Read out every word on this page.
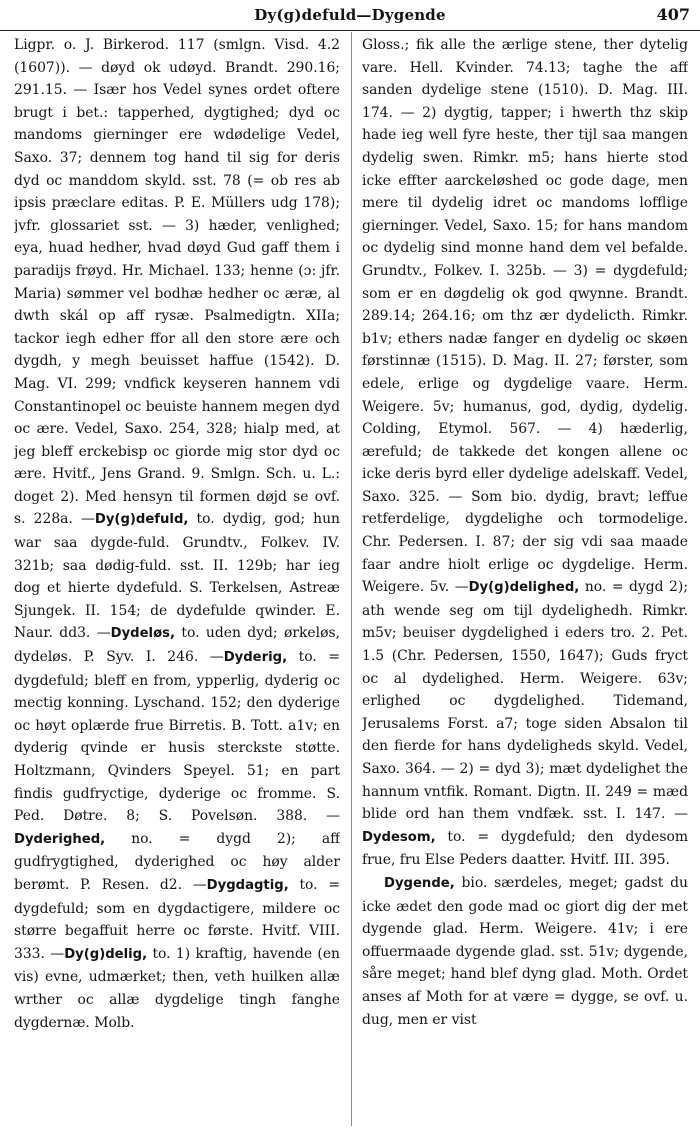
Dy(g)defuld—Dygende	407

Ligpr. o. J. Birkerod. 117 (smlgn. Visd. 4.2 (1607)). — døyd ok udøyd. Brandt. 290.16; 291.15. — Især hos Vedel synes ordet oftere brugt i bet.: tapperhed, dygtighed; dyd oc mandoms gierninger ere wdødelige Vedel, Saxo. 37; dennem tog hand til sig for deris dyd oc manddom skyld. sst. 78 (= ob res ab ipsis præclare editas. P. E. Müllers udg 178); jvfr. glossariet sst. — 3) hæder, venlighed; eya, huad hedher, hvad døyd Gud gaff them i paradijs frøyd. Hr. Michael. 133; henne (ɔ: jfr. Maria) sømmer vel bodhæ hedher oc æræ, al dwth skál op aff rysæ. Psalmedigtn. XIIa; tackor iegh edher ffor all den store ære och dygdh, y megh beuisset haffue (1542). D. Mag. VI. 299; vndfick keyseren hannem vdi Constantinopel oc beuiste hannem megen dyd oc ære. Vedel, Saxo. 254, 328; hialp med, at jeg bleff erckebisp oc giorde mig stor dyd oc ære. Hvitf., Jens Grand. 9. Smlgn. Sch. u. L.: doget 2). Med hensyn til formen døjd se ovf. s. 228a. —Dy(g)defuld, to. dydig, god; hun war saa dygde-fuld. Grundtv., Folkev. IV. 321b; saa dødig-fuld. sst. II. 129b; har ieg dog et hierte dydefuld. S. Terkelsen, Astreæ Sjungek. II. 154; de dydefulde qwinder. E. Naur. dd3. —Dydeløs, to. uden dyd; ørkeløs, dydeløs. P. Syv. I. 246. —Dyderig, to. = dygdefuld; bleff en from, ypperlig, dyderig oc mectig konning. Lyschand. 152; den dyderige oc høyt oplærde frue Birretis. B. Tott. a1v; en dyderig qvinde er husis sterckste støtte. Holtzmann, Qvinders Speyel. 51; en part findis gudfryctige, dyderige oc fromme. S. Ped. Døtre. 8; S. Povelsøn. 388. —Dyderighed, no. = dygd 2); aff gudfrygtighed, dyderighed oc høy alder berømt. P. Resen. d2. —Dygdagtig, to. = dygdefuld; som en dygdactigere, mildere oc større begaffuit herre oc første. Hvitf. VIII. 333. —Dy(g)delig, to. 1) kraftig, havende (en vis) evne, udmærket; then, veth huilken allæ wrther oc allæ dygdelige tingh fanghe dygdernæ. Molb.

Gloss.; fik alle the ærlige stene, ther dytelig vare. Hell. Kvinder. 74.13; taghe the aff sanden dydelige stene (1510). D. Mag. III. 174. — 2) dygtig, tapper; i hwerth thz skip hade ieg well fyre heste, ther tijl saa mangen dydelig swen. Rimkr. m5; hans hierte stod icke effter aarckeløshed oc gode dage, men mere til dydelig idret oc mandoms lofflige gierninger. Vedel, Saxo. 15; for hans mandom oc dydelig sind monne hand dem vel befalde. Grundtv., Folkev. I. 325b. — 3) = dygdefuld; som er en døgdelig ok god qwynne. Brandt. 289.14; 264.16; om thz ær dydelicth. Rimkr. b1v; ethers nadæ fanger en dydelig oc skøen førstinnæ (1515). D. Mag. II. 27; førster, som edele, erlige og dygdelige vaare. Herm. Weigere. 5v; humanus, god, dydig, dydelig. Colding, Etymol. 567. — 4) hæderlig, ærefuld; de takkede det kongen allene oc icke deris byrd eller dydelige adelskaff. Vedel, Saxo. 325. — Som bio. dydig, bravt; leffue retferdelige, dygdelighe och tormodelige. Chr. Pedersen. I. 87; der sig vdi saa maade faar andre hiolt erlige oc dygdelige. Herm. Weigere. 5v. —Dy(g)delighed, no. = dygd 2); ath wende seg om tijl dydelighedh. Rimkr. m5v; beuiser dygdelighed i eders tro. 2. Pet. 1.5 (Chr. Pedersen, 1550, 1647); Guds fryct oc al dydelighed. Herm. Weigere. 63v; erlighed oc dygdelighed. Tidemand, Jerusalems Forst. a7; toge siden Absalon til den fierde for hans dydeligheds skyld. Vedel, Saxo. 364. — 2) = dyd 3); mæt dydelighet the hannum vntfik. Romant. Digtn. II. 249 = mæd blide ord han them vndfæk. sst. I. 147. — Dydesom, to. = dygdefuld; den dydesom frue, fru Else Peders daatter. Hvitf. III. 395.

Dygende, bio. særdeles, meget; gadst du icke ædet den gode mad oc giort dig der met dygende glad. Herm. Weigere. 41v; i ere offuermaade dygende glad. sst. 51v; dygende, såre meget; hand blef dyng glad. Moth. Ordet anses af Moth for at være = dygge, se ovf. u. dug, men er vist
